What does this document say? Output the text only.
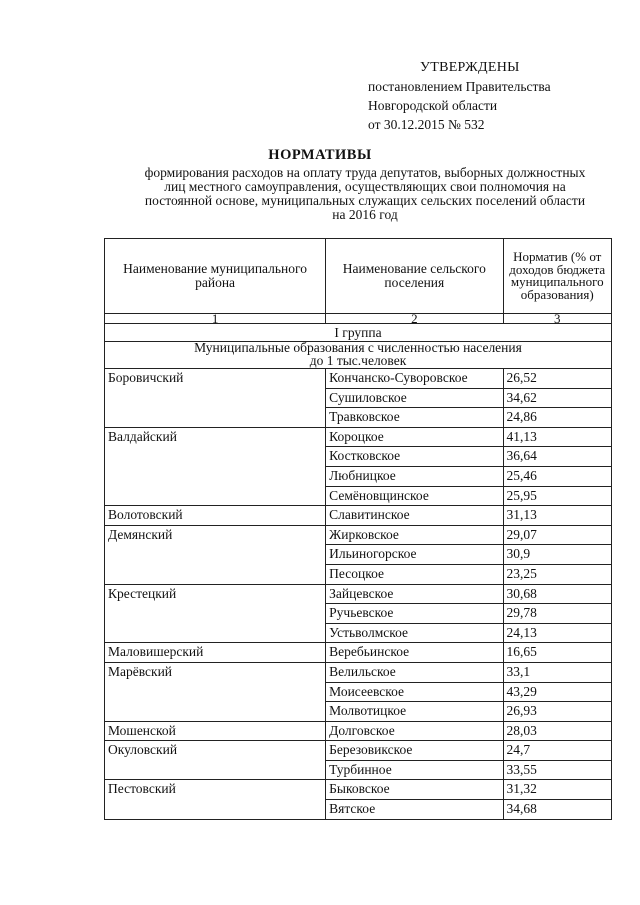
УТВЕРЖДЕНЫ
постановлением Правительства
Новгородской области
от 30.12.2015 № 532
НОРМАТИВЫ
формирования расходов на оплату труда депутатов, выборных должностных
лиц местного самоуправления, осуществляющих свои полномочия на
постоянной основе, муниципальных служащих сельских поселений области
на 2016 год
Наименование муниципального района	Наименование сельского поселения	Норматив (% от доходов бюджета муниципального образования)
1	2	3
I группа		

Муниципальные образования с численностью населения
до 1 тыс.человек		

Боровичский	Кончанско-Суворовское	26,52
	Сушиловское	34,62
	Травковское	24,86
Валдайский	Короцкое	41,13
	Костковское	36,64
	Любницкое	25,46
	Семёновщинское	25,95
Волотовский	Славитинское	31,13
Демянский	Жирковское	29,07
	Ильиногорское	30,9
	Песоцкое	23,25
Крестецкий	Зайцевское	30,68
	Ручьевское	29,78
	Устьволмское	24,13
Маловишерский	Веребьинское	16,65
Марёвский	Велильское	33,1
	Моисеевское	43,29
	Молвотицкое	26,93
Мошенской	Долговское	28,03
Окуловский	Березовикское	24,7
	Турбинное	33,55
Пестовский	Быковское	31,32
	Вятское	34,68
